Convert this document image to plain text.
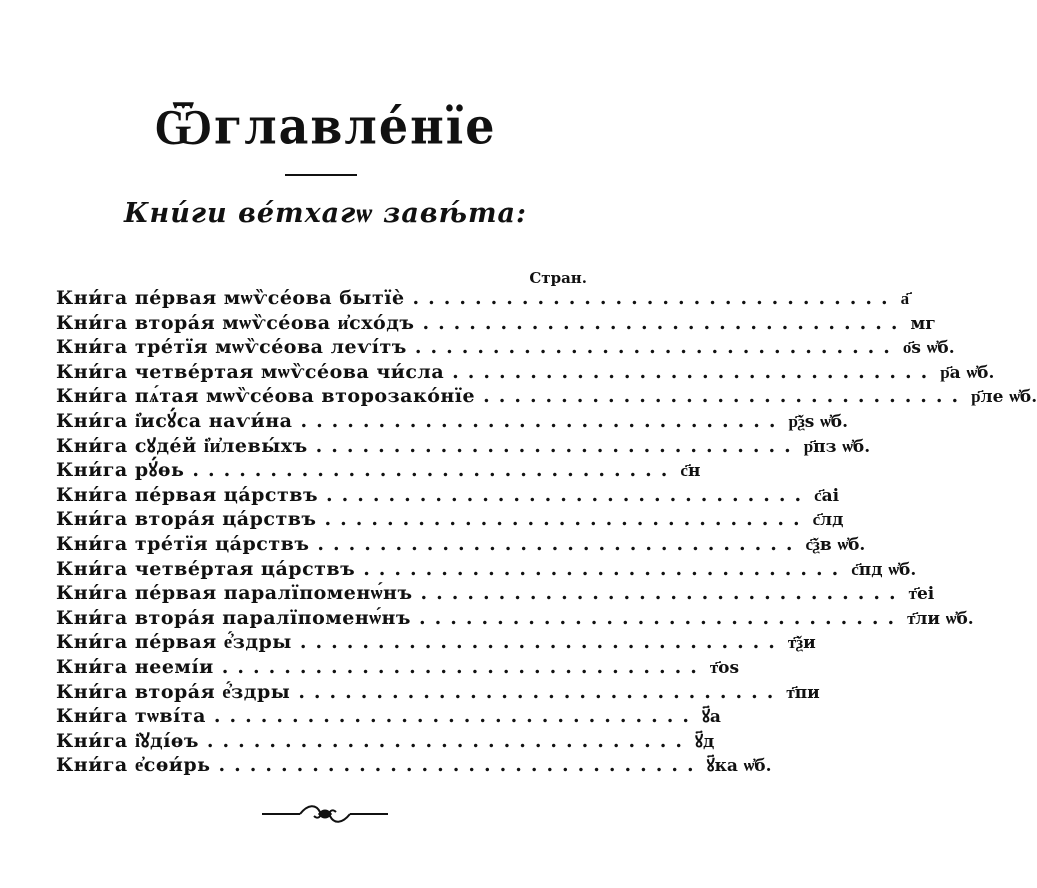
Ѿглавле́нїе
Кни́ги ве́тхагѡ завѣ́та:
Стран.
Кни́га пе́рвая мѡѷсе́ова бытїѐ ............................... а҃
Кни́га втора́я мѡѷсе́ова и҆схо́дъ ............................... мг
Кни́га тре́тїя мѡѷсе́ова леѵі́тъ ............................... о҃s ѡ҆б.
Кни́га четве́ртая мѡѷсе́ова чи́сла ............................... р҃а ѡ҆б.
Кни́га пѧ́тая мѡѷсе́ова второзако́нїе ............................... р҃ле ѡ҆б.
Кни́га і҆исꙋ́са наѵи́на ............................... р҃ѯs ѡ҆б.
Кни́га сꙋде́й і҆и҆левы́хъ ............................... р҃пз ѡ҆б.
Кни́га рꙋ́ѳь ............................... с҃н
Кни́га пе́рвая ца́рствъ ............................... с҃аі
Кни́га втора́я ца́рствъ ............................... с҃лд
Кни́га тре́тїя ца́рствъ ............................... с҃ѯв ѡ҆б.
Кни́га четве́ртая ца́рствъ ............................... с҃пд ѡ҆б.
Кни́га пе́рвая паралїпоменѡ́нъ ............................... т҃еі
Кни́га втора́я паралїпоменѡ́нъ ............................... т҃ли ѡ҆б.
Кни́га пе́рвая е҆́здры ............................... т҃ѯи
Кни́га неемі́и ............................... т҃оs
Кни́га втора́я е҆́здры ............................... т҃пи
Кни́га тѡві́та ............................... ꙋ҃а
Кни́га і҆ꙋді́ѳъ ............................... ꙋ҃д
Кни́га е҆сѳи́рь ............................... ꙋ҃ка ѡ҆б.
